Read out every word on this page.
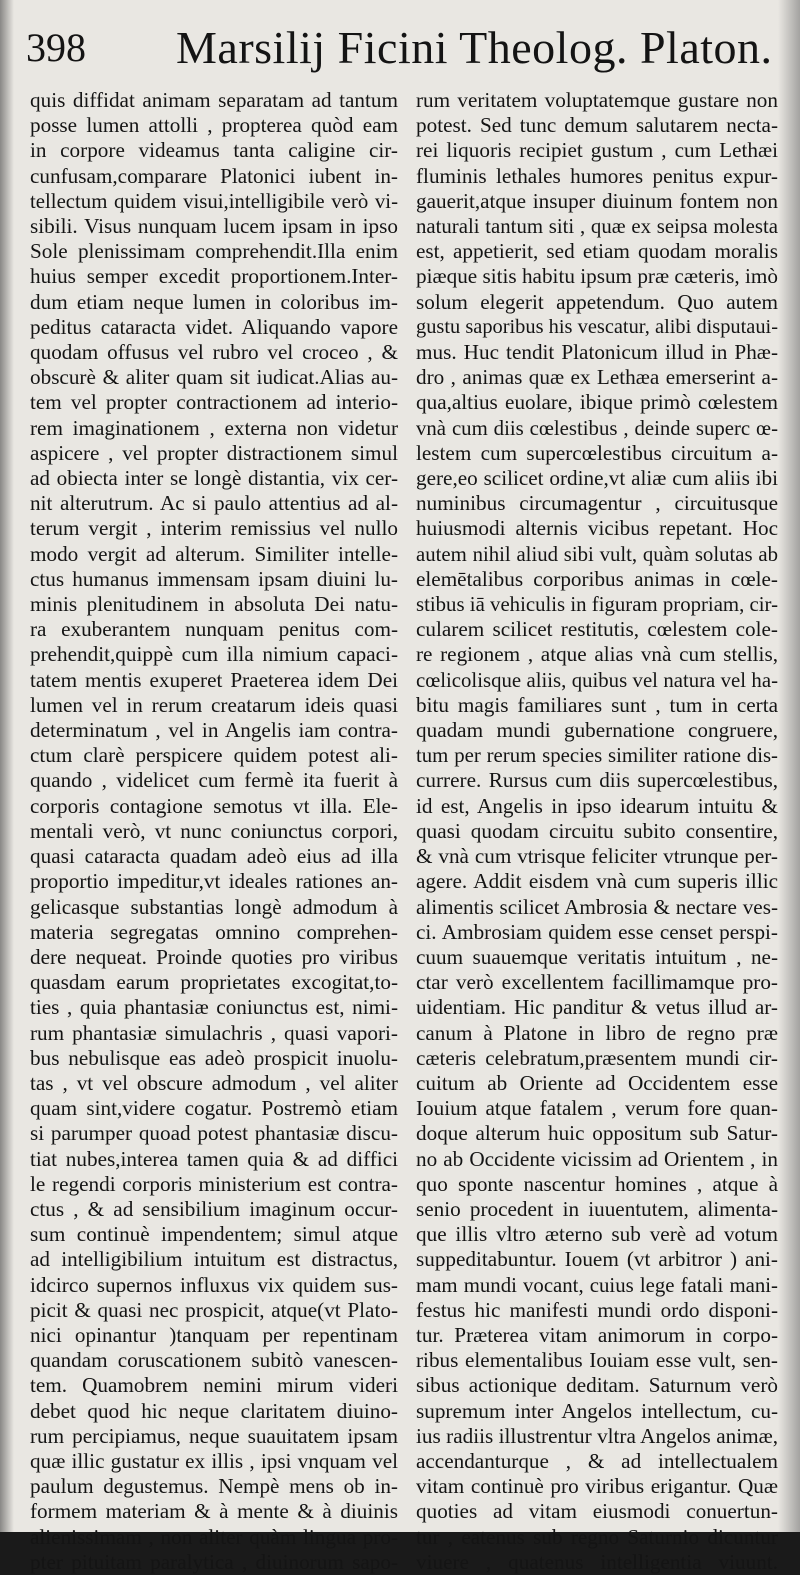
398 Marsilij Ficini Theolog. Platon.
quis diffidat animam separatam ad tantum
posse lumen attolli , propterea quòd eam
in corpore videamus tanta caligine cir-
cunfusam,comparare Platonici iubent in-
tellectum quidem visui,intelligibile verò vi-
sibili. Visus nunquam lucem ipsam in ipso
Sole plenissimam comprehendit.Illa enim
huius semper excedit proportionem.Inter-
dum etiam neque lumen in coloribus im-
peditus cataracta videt. Aliquando vapore
quodam offusus vel rubro vel croceo , &
obscurè & aliter quam sit iudicat.Alias au-
tem vel propter contractionem ad interio-
rem imaginationem , externa non videtur
aspicere , vel propter distractionem simul
ad obiecta inter se longè distantia, vix cer-
nit alterutrum. Ac si paulo attentius ad al-
terum vergit , interim remissius vel nullo
modo vergit ad alterum. Similiter intelle-
ctus humanus immensam ipsam diuini lu-
minis plenitudinem in absoluta Dei natu-
ra exuberantem nunquam penitus com-
prehendit,quippè cum illa nimium capaci-
tatem mentis exuperet Praeterea idem Dei
lumen vel in rerum creatarum ideis quasi
determinatum , vel in Angelis iam contra-
ctum clarè perspicere quidem potest ali-
quando , videlicet cum fermè ita fuerit à
corporis contagione semotus vt illa. Ele-
mentali verò, vt nunc coniunctus corpori,
quasi cataracta quadam adeò eius ad illa
proportio impeditur,vt ideales rationes an-
gelicasque substantias longè admodum à
materia segregatas omnino comprehen-
dere nequeat. Proinde quoties pro viribus
quasdam earum proprietates excogitat,to-
ties , quia phantasiæ coniunctus est, nimi-
rum phantasiæ simulachris , quasi vapori-
bus nebulisque eas adeò prospicit inuolu-
tas , vt vel obscure admodum , vel aliter
quam sint,videre cogatur. Postremò etiam
si parumper quoad potest phantasiæ discu-
tiat nubes,interea tamen quia & ad diffici
le regendi corporis ministerium est contra-
ctus , & ad sensibilium imaginum occur-
sum continuè impendentem; simul atque
ad intelligibilium intuitum est distractus,
idcirco supernos influxus vix quidem sus-
picit & quasi nec prospicit, atque(vt Plato-
nici opinantur )tanquam per repentinam
quandam coruscationem subitò vanescen-
tem. Quamobrem nemini mirum videri
debet quod hic neque claritatem diuino-
rum percipiamus, neque suauitatem ipsam
quæ illic gustatur ex illis , ipsi vnquam vel
paulum degustemus. Nempè mens ob in-
formem materiam & à mente & à diuinis
alienissimam , non aliter quàm lingua pro-
pter pituitam paralytica , diuinorum sapo-
rum veritatem voluptatemque gustare non
potest. Sed tunc demum salutarem necta-
rei liquoris recipiet gustum , cum Lethæi
fluminis lethales humores penitus expur-
gauerit,atque insuper diuinum fontem non
naturali tantum siti , quæ ex seipsa molesta
est, appetierit, sed etiam quodam moralis
piæque sitis habitu ipsum præ cæteris, imò
solum elegerit appetendum. Quo autem
gustu saporibus his vescatur, alibi disputaui-
mus. Huc tendit Platonicum illud in Phæ-
dro , animas quæ ex Lethæa emerserint a-
qua,altius euolare, ibique primò cœlestem
vnà cum diis cœlestibus , deinde superc œ-
lestem cum supercœlestibus circuitum a-
gere,eo scilicet ordine,vt aliæ cum aliis ibi
numinibus circumagentur , circuitusque
huiusmodi alternis vicibus repetant. Hoc
autem nihil aliud sibi vult, quàm solutas ab
elemētalibus corporibus animas in cœle-
stibus iā vehiculis in figuram propriam, cir-
cularem scilicet restitutis, cœlestem cole-
re regionem , atque alias vnà cum stellis,
cœlicolisque aliis, quibus vel natura vel ha-
bitu magis familiares sunt , tum in certa
quadam mundi gubernatione congruere,
tum per rerum species similiter ratione dis-
currere. Rursus cum diis supercœlestibus,
id est, Angelis in ipso idearum intuitu &
quasi quodam circuitu subito consentire,
& vnà cum vtrisque feliciter vtrunque per-
agere. Addit eisdem vnà cum superis illic
alimentis scilicet Ambrosia & nectare ves-
ci. Ambrosiam quidem esse censet perspi-
cuum suauemque veritatis intuitum , ne-
ctar verò excellentem facillimamque pro-
uidentiam. Hic panditur & vetus illud ar-
canum à Platone in libro de regno præ
cæteris celebratum,præsentem mundi cir-
cuitum ab Oriente ad Occidentem esse
Iouium atque fatalem , verum fore quan-
doque alterum huic oppositum sub Satur-
no ab Occidente vicissim ad Orientem , in
quo sponte nascentur homines , atque à
senio procedent in iuuentutem, alimenta-
que illis vltro æterno sub verè ad votum
suppeditabuntur. Iouem (vt arbitror ) ani-
mam mundi vocant, cuius lege fatali mani-
festus hic manifesti mundi ordo disponi-
tur. Præterea vitam animorum in corpo-
ribus elementalibus Iouiam esse vult, sen-
sibus actionique deditam. Saturnum verò
supremum inter Angelos intellectum, cu-
ius radiis illustrentur vltra Angelos animæ,
accendanturque , & ad intellectualem
vitam continuè pro viribus erigantur. Quæ
quoties ad vitam eiusmodi conuertun-
tur , eatenus sub regno Saturnio dicuntur
viuere , quatenus intelligentia viuunt.
